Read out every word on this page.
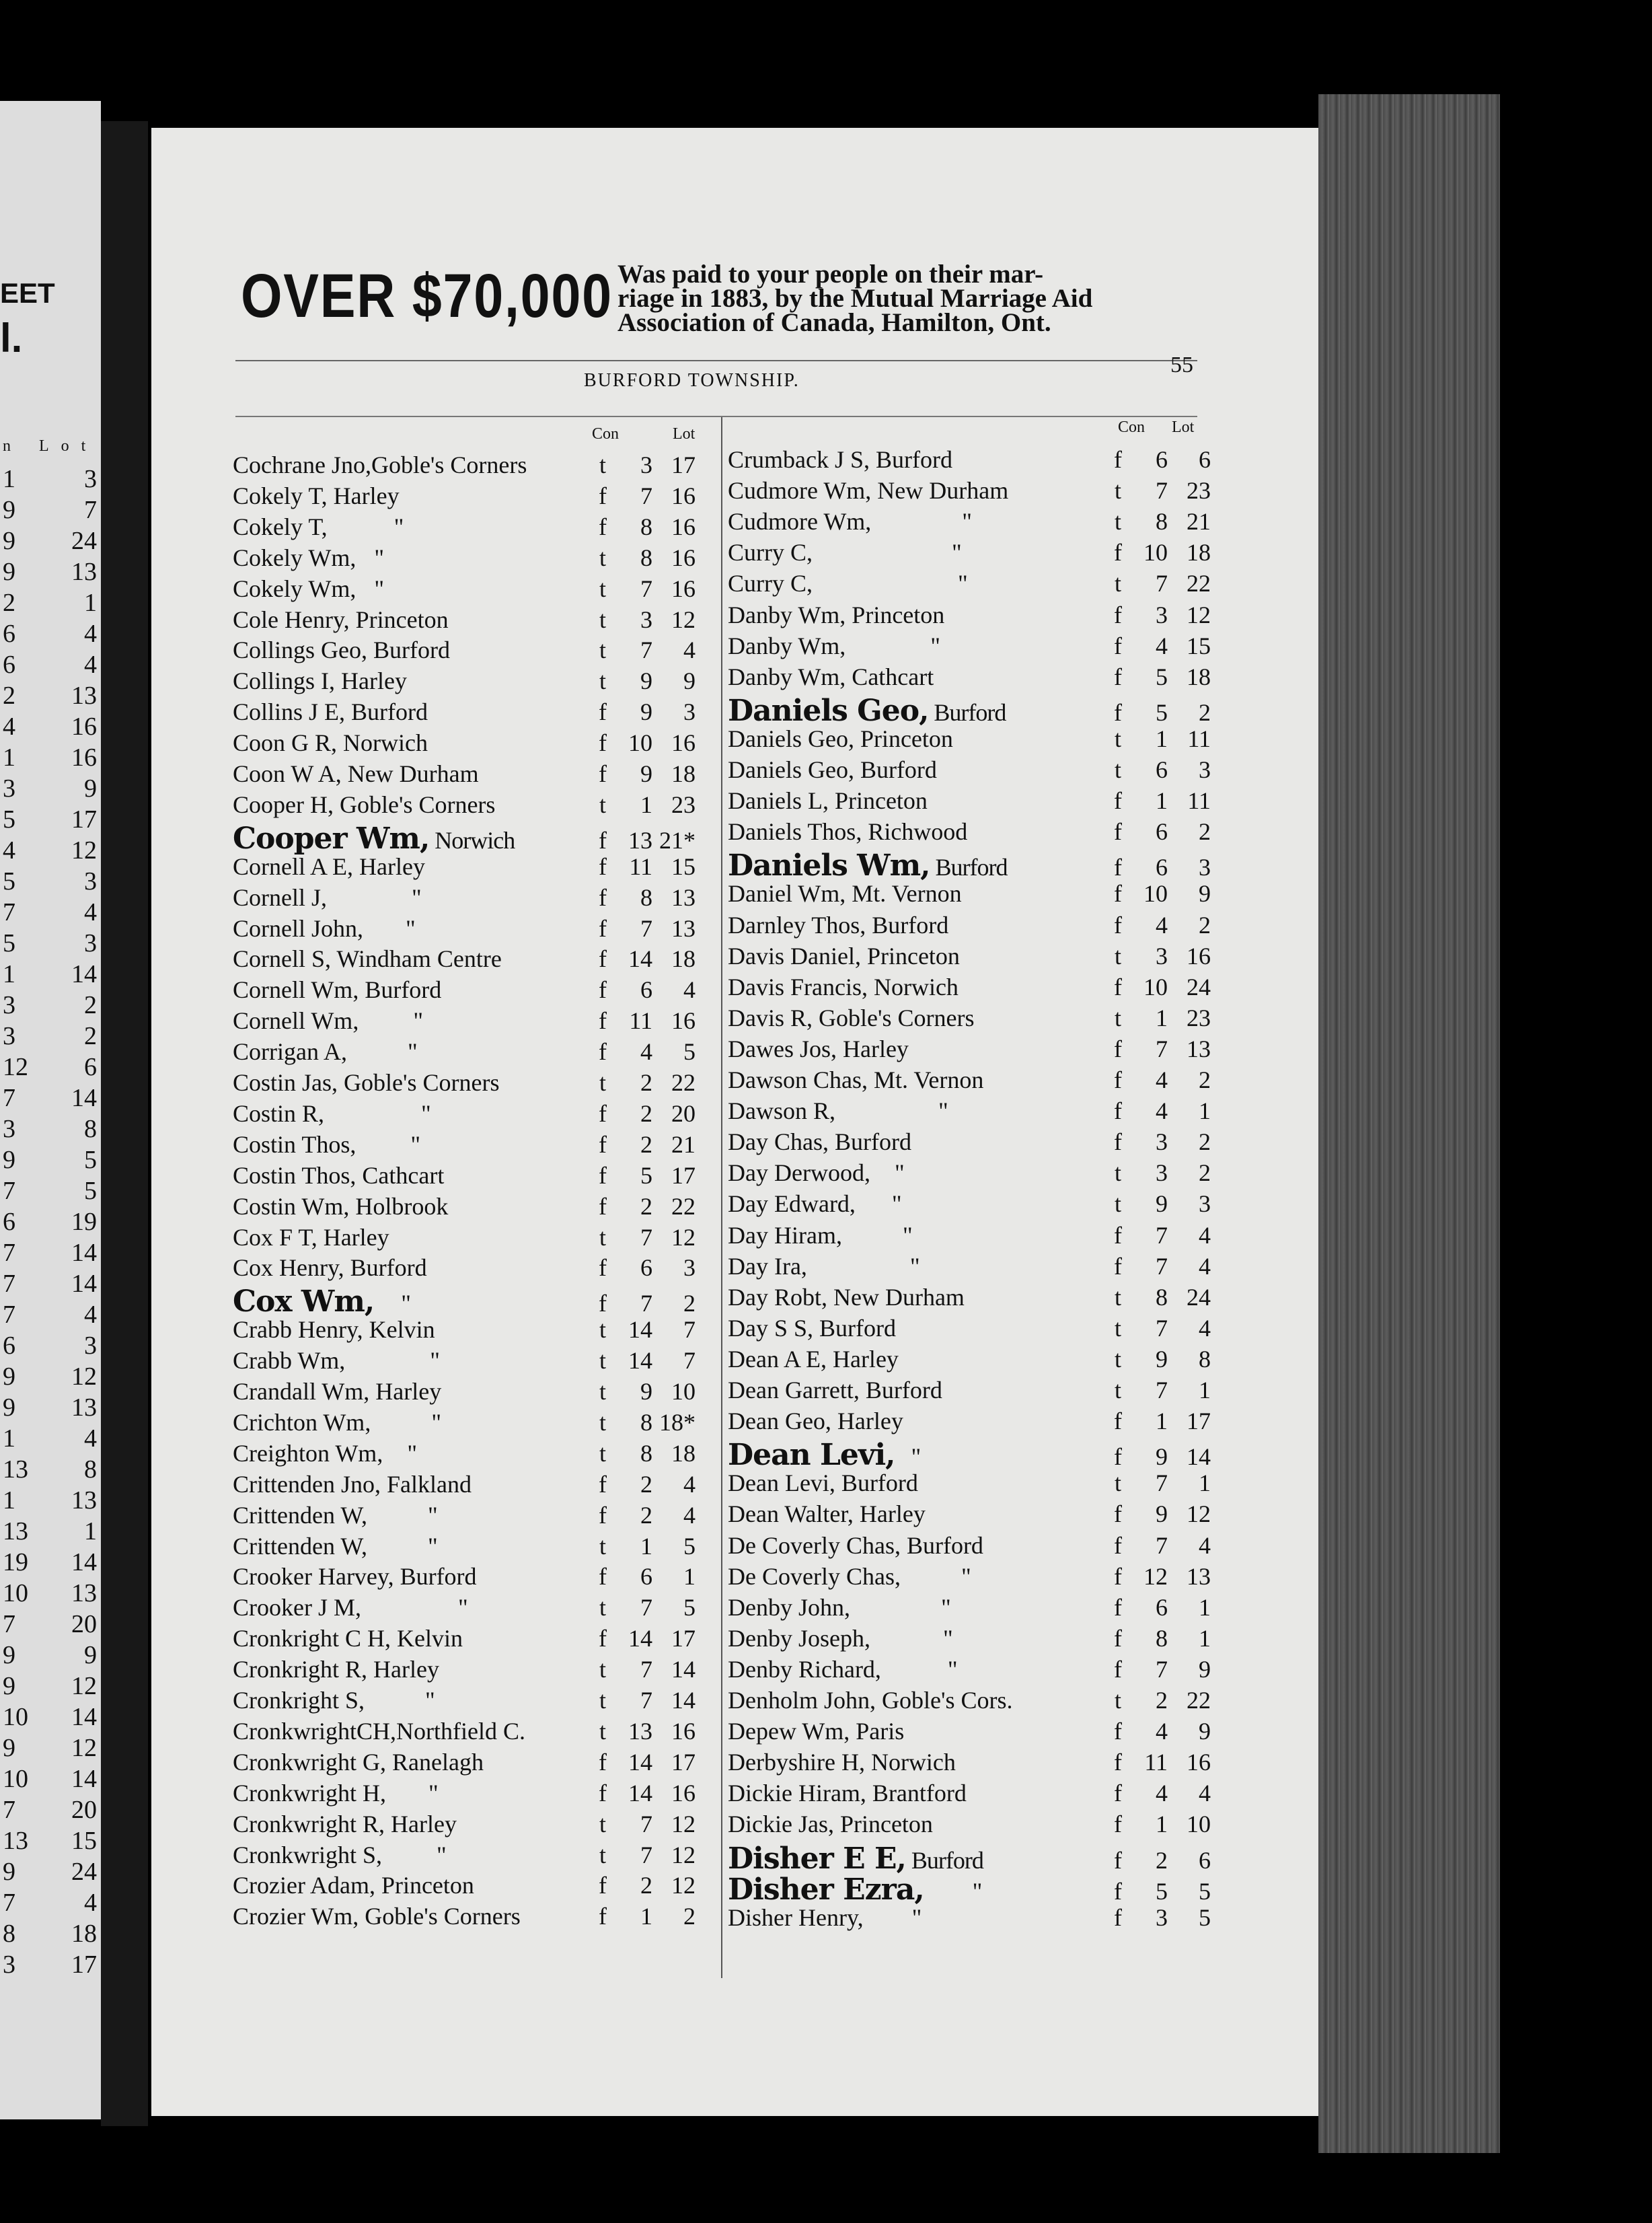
EET
l.
n Lot
1	3
9	7
9 24
9 13
2	1
6	4
6	4
2 13
4 16
1 16
3	9
5 17
4 12
5	3
7	4
5	3
1 14
3	2
3	2
12 6
7 14
3	8
9	5
7	5
6 19
7 14
7 14
7	4
6	3
9 12
9 13
1	4
13 8
1 13
13 1
19 14
10 13
7 20
9	9
9 12
10 14
9 12
10 14
7 20
13 15
9 24
7	4
8 18
3 17
OVER $70,000 Was paid to your people on their mar-
riage in 1883, by the Mutual Marriage Aid
Association of Canada, Hamilton, Ont.
BURFORD TOWNSHIP.
55
Con	Lot	Con Lot
Cochrane Jno,Goble's Corners	t	3 17
Cokely T, Harley	f	7 16
Cokely T,           "	f	8 16
Cokely Wm,   "	t	8 16
Cokely Wm,   "	t	7 16
Cole Henry, Princeton	t	3 12
Collings Geo, Burford	t	7	4
Collings I, Harley	t	9	9
Collins J E, Burford	f	9	3
Coon G R, Norwich	f 10 16
Coon W A, New Durham	f	9 18
Cooper H, Goble's Corners	t	1 23
Cooper Wm, Norwich	f 13 21*
Cornell A E, Harley	f 11 15
Cornell J,              "	f	8 13
Cornell John,       "	f	7 13
Cornell S, Windham Centre	f 14 18
Cornell Wm, Burford	f	6	4
Cornell Wm,         "	f 11 16
Corrigan A,          "	f	4	5
Costin Jas, Goble's Corners	t	2 22
Costin R,                "	f	2 20
Costin Thos,         "	f	2 21
Costin Thos, Cathcart	f	5 17
Costin Wm, Holbrook	f	2 22
Cox F T, Harley	t	7 12
Cox Henry, Burford	f	6	3
Cox Wm,     "	f	7	2
Crabb Henry, Kelvin	t 14	7
Crabb Wm,              "	t 14	7
Crandall Wm, Harley	t	9 10
Crichton Wm,          "	t	8 18*
Creighton Wm,    "	t	8 18
Crittenden Jno, Falkland	f	2	4
Crittenden W,          "	f	2	4
Crittenden W,          "	t	1	5
Crooker Harvey, Burford	f	6	1
Crooker J M,                "	t	7	5
Cronkright C H, Kelvin	f 14 17
Cronkright R, Harley	t	7 14
Cronkright S,          "	t	7 14
CronkwrightCH,Northfield C.	t 13 16
Cronkwright G, Ranelagh	f 14 17
Cronkwright H,       "	f 14 16
Cronkwright R, Harley	t	7 12
Cronkwright S,         "	t	7 12
Crozier Adam, Princeton	f	2 12
Crozier Wm, Goble's Corners	f	1	2
Crumback J S, Burford	f	6	6
Cudmore Wm, New Durham	t	7 23
Cudmore Wm,               "	t	8 21
Curry C,                       "	f 10 18
Curry C,                        "	t	7 22
Danby Wm, Princeton	f	3 12
Danby Wm,              "	f	4 15
Danby Wm, Cathcart	f	5 18
Daniels Geo, Burford	f	5	2
Daniels Geo, Princeton	t	1 11
Daniels Geo, Burford	t	6	3
Daniels L, Princeton	f	1 11
Daniels Thos, Richwood	f	6	2
Daniels Wm, Burford	f	6	3
Daniel Wm, Mt. Vernon	f 10	9
Darnley Thos, Burford	f	4	2
Davis Daniel, Princeton	t	3 16
Davis Francis, Norwich	f 10 24
Davis R, Goble's Corners	t	1 23
Dawes Jos, Harley	f	7 13
Dawson Chas, Mt. Vernon	f	4	2
Dawson R,                 "	f	4	1
Day Chas, Burford	f	3	2
Day Derwood,    "	t	3	2
Day Edward,      "	t	9	3
Day Hiram,          "	f	7	4
Day Ira,                 "	f	7	4
Day Robt, New Durham	t	8 24
Day S S, Burford	t	7	4
Dean A E, Harley	t	9	8
Dean Garrett, Burford	t	7	1
Dean Geo, Harley	f	1 17
Dean Levi,   "	f	9 14
Dean Levi, Burford	t	7	1
Dean Walter, Harley	f	9 12
De Coverly Chas, Burford	f	7	4
De Coverly Chas,          "	f 12 13
Denby John,               "	f	6	1
Denby Joseph,            "	f	8	1
Denby Richard,           "	f	7	9
Denholm John, Goble's Cors.	t	2 22
Depew Wm, Paris	f	4	9
Derbyshire H, Norwich	f 11 16
Dickie Hiram, Brantford	f	4	4
Dickie Jas, Princeton	f	1 10
Disher E E, Burford	f	2	6
Disher Ezra,         "	f	5	5
Disher Henry,        "	f	3	5
